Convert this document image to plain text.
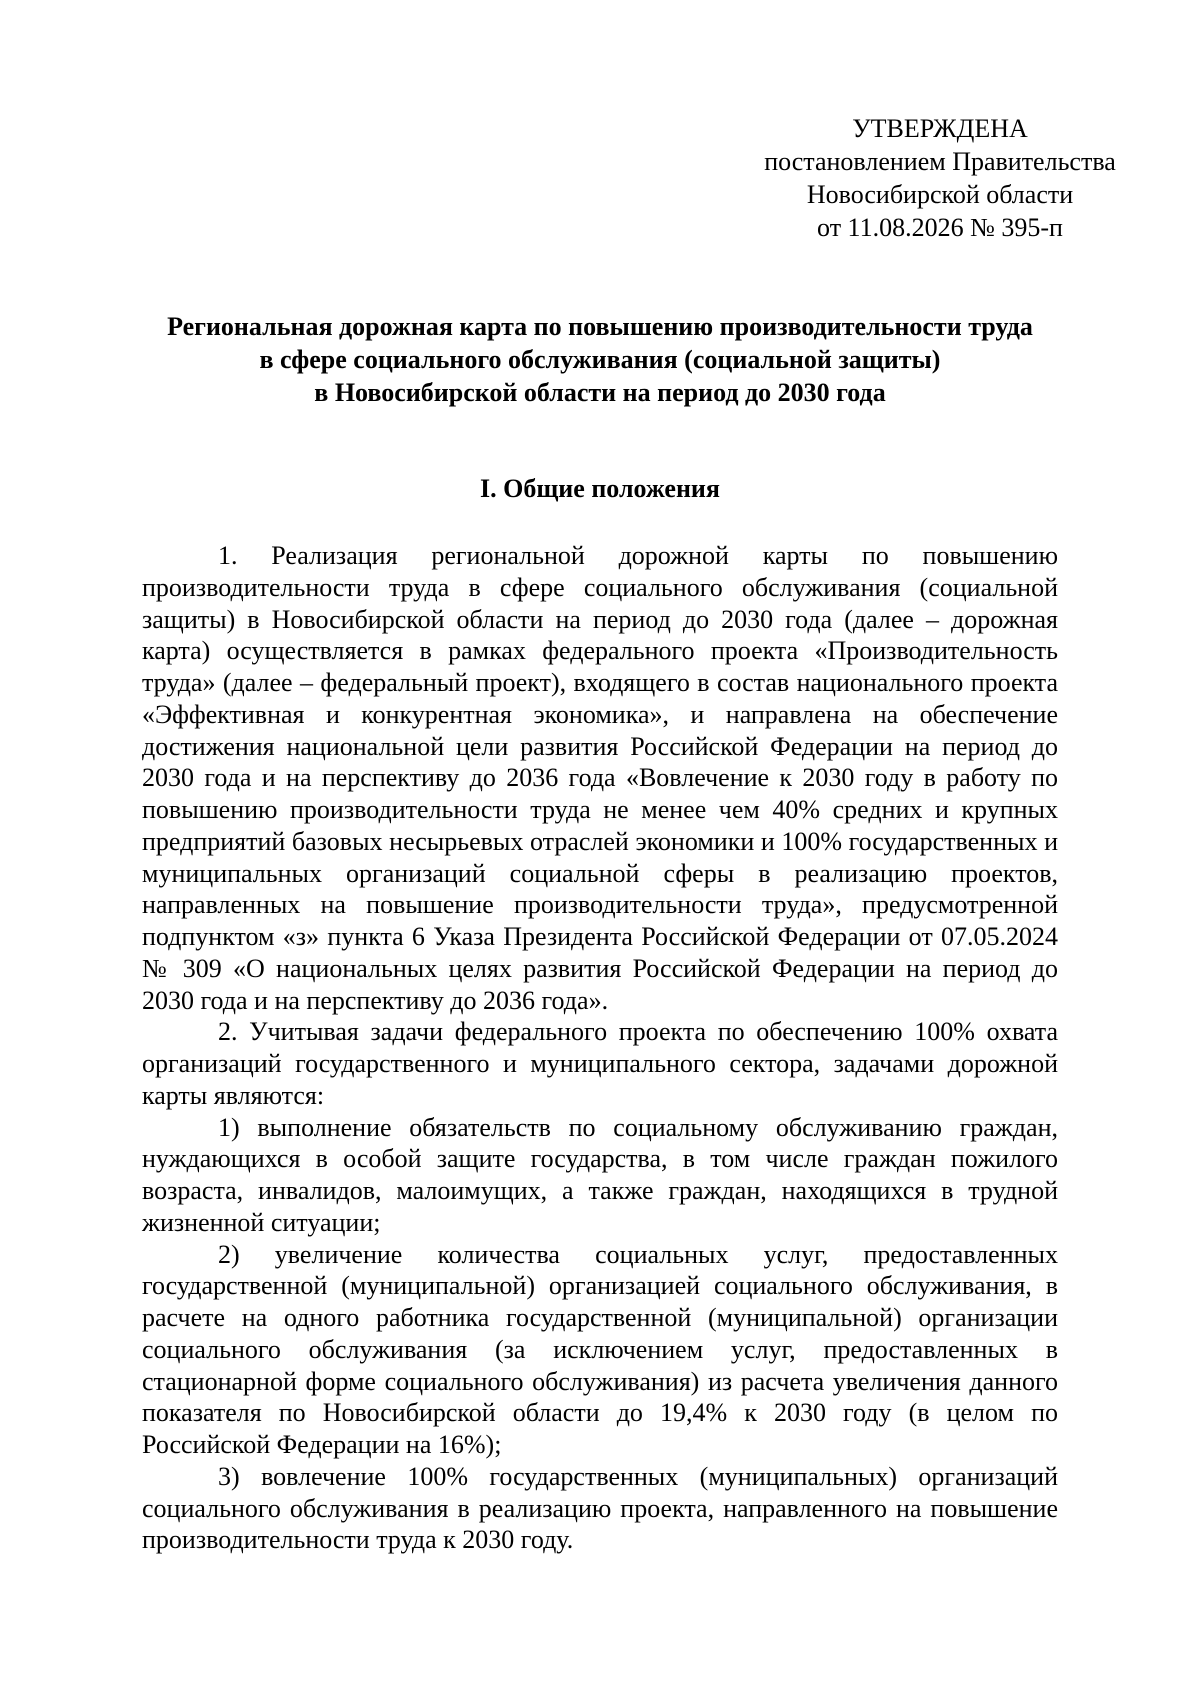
УТВЕРЖДЕНА
постановлением Правительства
Новосибирской области
от 11.08.2026 № 395-п
Региональная дорожная карта по повышению производительности труда
в сфере социального обслуживания (социальной защиты)
в Новосибирской области на период до 2030 года
I. Общие положения

1. Реализация региональной дорожной карты по повышению производительности труда в сфере социального обслуживания (социальной защиты) в Новосибирской области на период до 2030 года (далее – дорожная карта) осуществляется в рамках федерального проекта «Производительность труда» (далее – федеральный проект), входящего в состав национального проекта «Эффективная и конкурентная экономика», и направлена на обеспечение достижения национальной цели развития Российской Федерации на период до 2030 года и на перспективу до 2036 года «Вовлечение к 2030 году в работу по повышению производительности труда не менее чем 40% средних и крупных предприятий базовых несырьевых отраслей экономики и 100% государственных и муниципальных организаций социальной сферы в реализацию проектов, направленных на повышение производительности труда», предусмотренной подпунктом «з» пункта 6 Указа Президента Российской Федерации от 07.05.2024 № 309 «О национальных целях развития Российской Федерации на период до 2030 года и на перспективу до 2036 года».

2. Учитывая задачи федерального проекта по обеспечению 100% охвата организаций государственного и муниципального сектора, задачами дорожной карты являются:

1) выполнение обязательств по социальному обслуживанию граждан, нуждающихся в особой защите государства, в том числе граждан пожилого возраста, инвалидов, малоимущих, а также граждан, находящихся в трудной жизненной ситуации;

2) увеличение количества социальных услуг, предоставленных государственной (муниципальной) организацией социального обслуживания, в расчете на одного работника государственной (муниципальной) организации социального обслуживания (за исключением услуг, предоставленных в стационарной форме социального обслуживания) из расчета увеличения данного показателя по Новосибирской области до 19,4% к 2030 году (в целом по Российской Федерации на 16%);

3) вовлечение 100% государственных (муниципальных) организаций социального обслуживания в реализацию проекта, направленного на повышение производительности труда к 2030 году.
